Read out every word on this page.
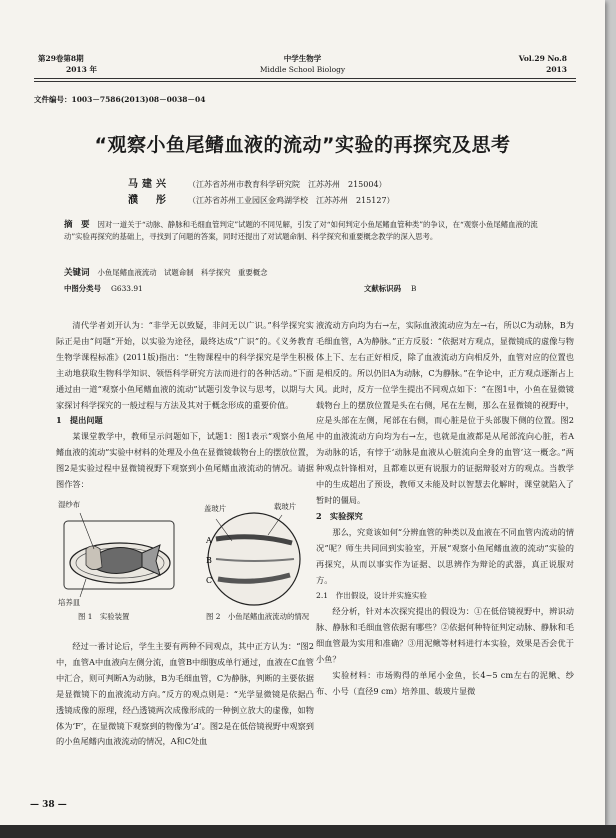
第29卷第8期
2013 年
中学生物学
Middle School Biology
Vol.29 No.8
2013
文件编号：1003－7586(2013)08－0038－04
“观察小鱼尾鳍血液的流动”实验的再探究及思考
马建兴 （江苏省苏州市教育科学研究院　江苏苏州　215004）
濮　彤 （江苏省苏州工业园区金鸡湖学校　江苏苏州　215127）
摘　要 因对一道关于“动脉、静脉和毛细血管判定”试题的不同见解，引发了对“如何判定小鱼尾鳍血管种类”的争议，在“观察小鱼尾鳍血液的流动”实验再探究的基础上，寻找到了问题的答案，同时还提出了对试题命制、科学探究和重要概念教学的深入思考。
关键词 小鱼尾鳍血液流动　试题命制　科学探究　重要概念
中图分类号 G633.91	文献标识码 B

清代学者刘开认为：“非学无以致疑，非问无以广识。”科学探究实际正是由“问题”开始，以实验为途径，最终达成“广识”的。《义务教育生物学课程标准》(2011版)指出：“生物课程中的科学探究是学生积极主动地获取生物科学知识、领悟科学研究方法而进行的各种活动。”下面通过由一道“观察小鱼尾鳍血液的流动”试题引发争议与思考，以期与大家探讨科学探究的一般过程与方法及其对于概念形成的重要价值。

1　提出问题

某课堂教学中，教师呈示问题如下，试题1：图1表示“观察小鱼尾鳍血液的流动”实验中材料的处理及小鱼在显微镜载物台上的摆放位置，图2是实验过程中显微镜视野下观察到小鱼尾鳍血液流动的情况。请据图作答：

A
B
C
湿纱布
培养皿
盖玻片	载玻片
图 1　实验装置	图 2　小鱼尾鳍血液流动的情况

经过一番讨论后，学生主要有两种不同观点，其中正方认为：“图2中，血管A中血液向左侧分流，血管B中细胞成单行通过，血液在C血管中汇合，则可判断A为动脉，B为毛细血管，C为静脉，判断的主要依据是显微镜下的血液流动方向。”反方的观点则是：“光学显微镜是依据凸透镜成像的原理，经凸透镜两次成像形成的一种倒立放大的虚像，如物体为‘F’，在显微镜下观察到的物像为‘Ⅎ’。图2是在低倍镜视野中观察到的小鱼尾鳍内血液流动的情况，A和C处血

液流动方向均为右→左，实际血液流动应为左→右，所以C为动脉，B为毛细血管，A为静脉。”正方反驳：“依据对方观点，显微镜成的虚像与物体上下、左右正好相反，除了血液流动方向相反外，血管对应的位置也是相反的。所以仍旧A为动脉，C为静脉。”在争论中，正方观点逐渐占上风。此时，反方一位学生提出不同观点如下：“在图1中，小鱼在显微镜载物台上的摆放位置是头在右侧，尾在左侧，那么在显微镜的视野中，应是头部在左侧，尾部在右侧，而心脏是位于头部腹下侧的位置。图2中的血液流动方向均为右→左，也就是血液都是从尾部流向心脏，若A为动脉的话，有悖于‘动脉是血液从心脏流向全身的血管’这一概念。”两种观点针锋相对，且都难以更有说服力的证据辩驳对方的观点。当教学中的生成超出了预设，教师又未能及时以智慧去化解时，课堂就陷入了暂时的僵局。

2　实验探究

那么，究竟该如何“分辨血管的种类以及血液在不同血管内流动的情况”呢？师生共同回到实验室，开展“观察小鱼尾鳍血液的流动”实验的再探究，从而以事实作为证据、以思辨作为辩论的武器，真正说服对方。

2.1　作出假设，设计并实施实验

经分析，针对本次探究提出的假设为：①在低倍镜视野中，辨识动脉、静脉和毛细血管依据有哪些？②依据何种特征判定动脉、静脉和毛细血管最为实用和准确？③用泥鳅等材料进行本实验，效果是否会优于小鱼？

实验材料：市场购得的单尾小金鱼，长4~5 cm左右的泥鳅、纱布、小号（直径9 cm）培养皿、载玻片显微

— 38 —
